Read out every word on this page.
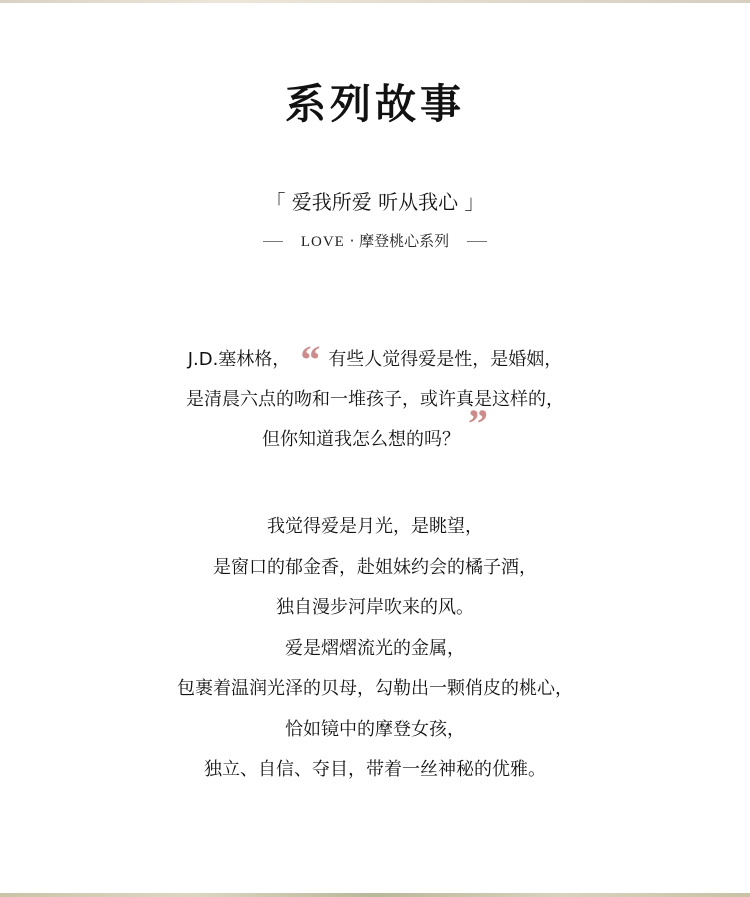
系列故事
「 爱我所爱 听从我心 」
LOVE · 摩登桃心系列
J.D.塞林格， “ 有些人觉得爱是性，是婚姻，
是清晨六点的吻和一堆孩子，或许真是这样的，
但你知道我怎么想的吗？ ”
我觉得爱是月光，是眺望，
是窗口的郁金香，赴姐妹约会的橘子酒，
独自漫步河岸吹来的风。
爱是熠熠流光的金属，
包裹着温润光泽的贝母，勾勒出一颗俏皮的桃心，
恰如镜中的摩登女孩，
独立、自信、夺目，带着一丝神秘的优雅。
